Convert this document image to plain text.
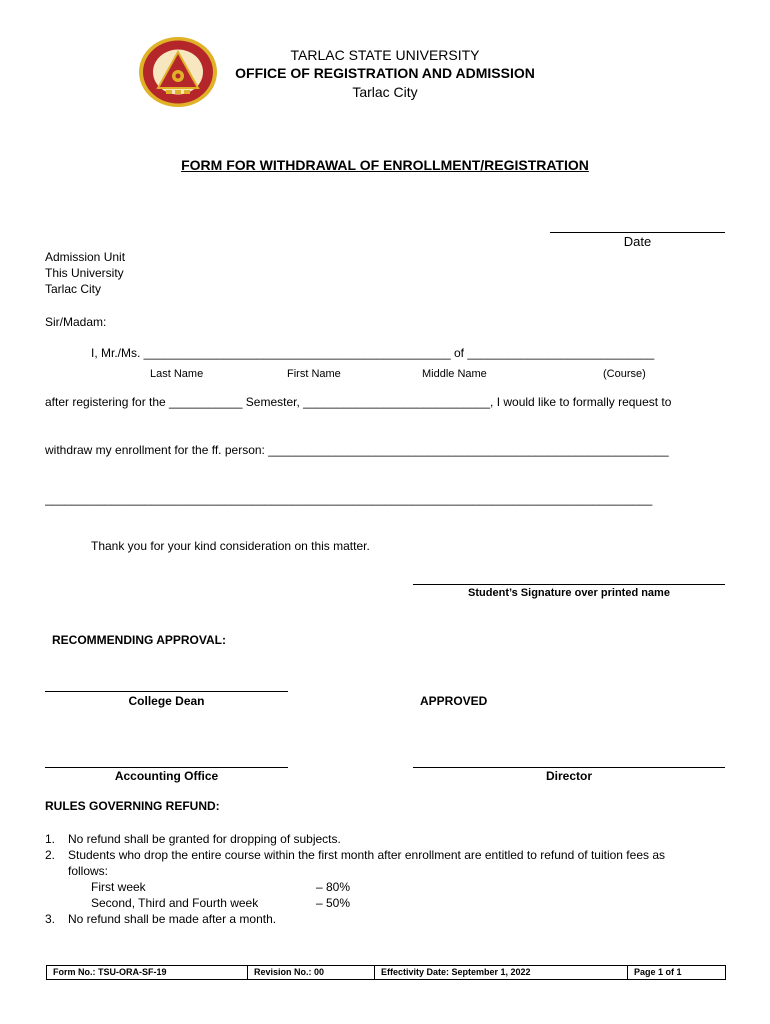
TARLAC STATE UNIVERSITY
OFFICE OF REGISTRATION AND ADMISSION
Tarlac City
FORM FOR WITHDRAWAL OF ENROLLMENT/REGISTRATION
Date
Admission Unit
This University
Tarlac City
Sir/Madam:
I, Mr./Ms. ______________________________________________ of ____________________________
Last Name	First Name	Middle Name	(Course)
after registering for the ___________ Semester, ____________________________, I would like to formally request to
withdraw my enrollment for the ff. person: ____________________________________________________________
___________________________________________________________________________________________
Thank you for your kind consideration on this matter.
Student’s Signature over printed name
RECOMMENDING APPROVAL:
College Dean	APPROVED
Accounting Office	Director
RULES GOVERNING REFUND:
1. No refund shall be granted for dropping of subjects.
2. Students who drop the entire course within the first month after enrollment are entitled to refund of tuition fees as
follows:
First week	– 80%
Second, Third and Fourth week	– 50%
3. No refund shall be made after a month.
Form No.: TSU-ORA-SF-19	Revision No.: 00	Effectivity Date: September 1, 2022	Page 1 of 1
